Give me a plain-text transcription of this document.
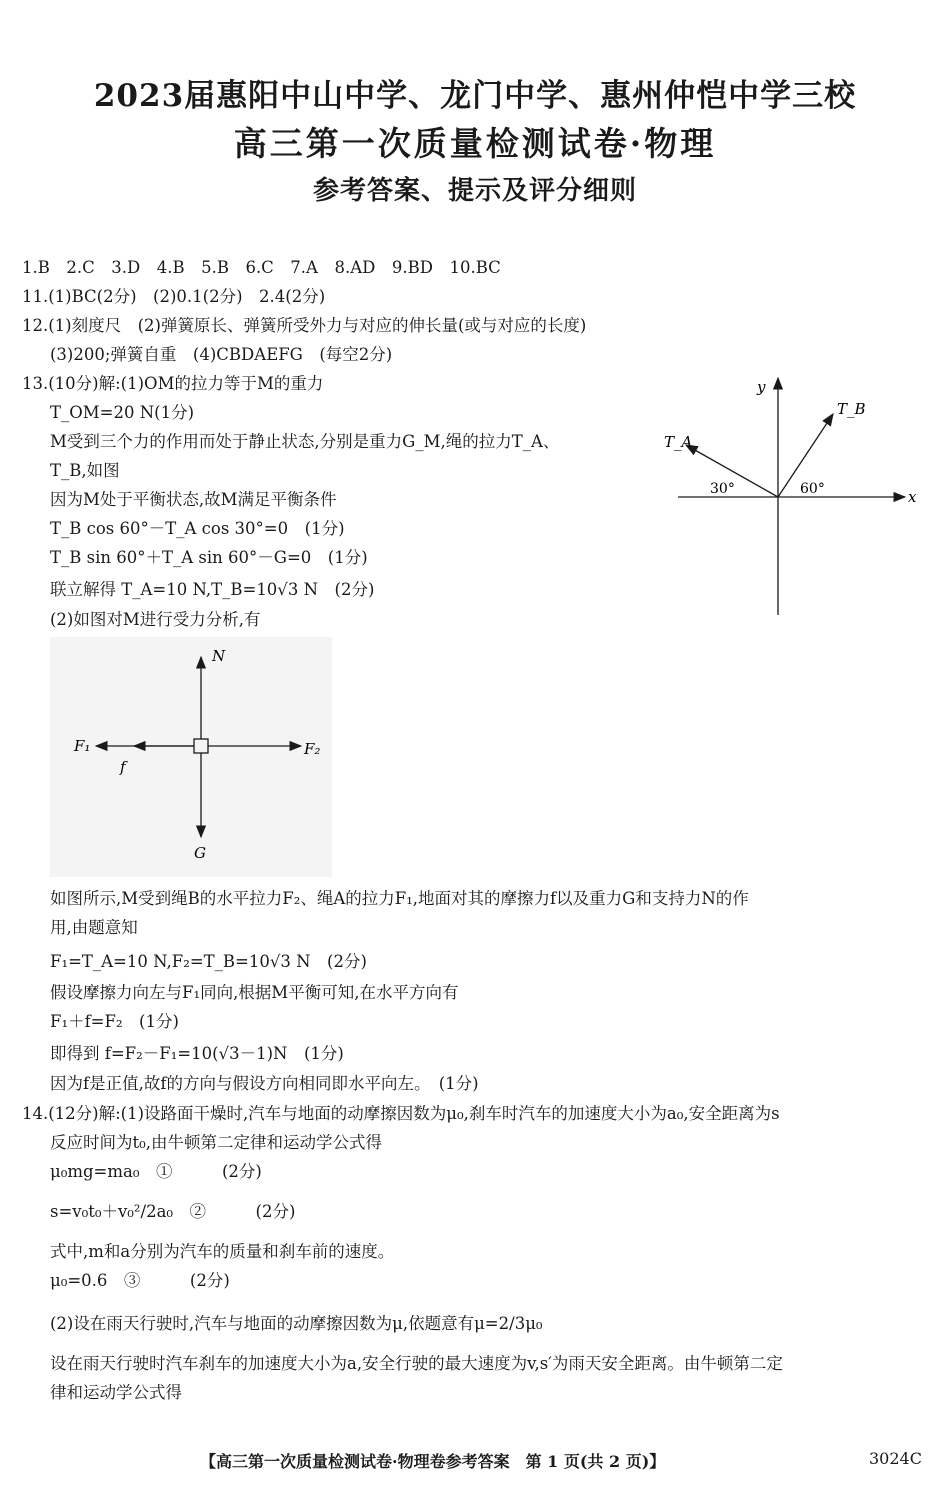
2023届惠阳中山中学、龙门中学、惠州仲恺中学三校
高三第一次质量检测试卷·物理
参考答案、提示及评分细则
1.B　2.C　3.D　4.B　5.B　6.C　7.A　8.AD　9.BD　10.BC
11.(1)BC(2分)　(2)0.1(2分)　2.4(2分)
12.(1)刻度尺　(2)弹簧原长、弹簧所受外力与对应的伸长量(或与对应的长度)
(3)200;弹簧自重　(4)CBDAEFG　(每空2分)
13.(10分)解:(1)OM的拉力等于M的重力
T_OM=20 N(1分)
M受到三个力的作用而处于静止状态,分别是重力G_M,绳的拉力T_A、
T_B,如图
因为M处于平衡状态,故M满足平衡条件
T_B cos 60°－T_A cos 30°=0　(1分)
T_B sin 60°＋T_A sin 60°－G=0　(1分)
联立解得 T_A=10 N,T_B=10√3 N　(2分)
(2)如图对M进行受力分析,有
x
y
T_A
T_B
30°	60°
N
G
F₁	F₂
f
如图所示,M受到绳B的水平拉力F₂、绳A的拉力F₁,地面对其的摩擦力f以及重力G和支持力N的作
用,由题意知
F₁=T_A=10 N,F₂=T_B=10√3 N　(2分)
假设摩擦力向左与F₁同向,根据M平衡可知,在水平方向有
F₁＋f=F₂　(1分)
即得到 f=F₂－F₁=10(√3－1)N　(1分)
因为f是正值,故f的方向与假设方向相同即水平向左。　(1分)
14.(12分)解:(1)设路面干燥时,汽车与地面的动摩擦因数为μ₀,刹车时汽车的加速度大小为a₀,安全距离为s
反应时间为t₀,由牛顿第二定律和运动学公式得
μ₀mg=ma₀　①　　　(2分)
s=v₀t₀＋v₀²/2a₀　②　　　(2分)
式中,m和a分别为汽车的质量和刹车前的速度。
μ₀=0.6　③　　　(2分)
(2)设在雨天行驶时,汽车与地面的动摩擦因数为μ,依题意有μ=2/3μ₀
设在雨天行驶时汽车刹车的加速度大小为a,安全行驶的最大速度为v,s′为雨天安全距离。由牛顿第二定
律和运动学公式得
【高三第一次质量检测试卷·物理卷参考答案　第 1 页(共 2 页)】	3024C
